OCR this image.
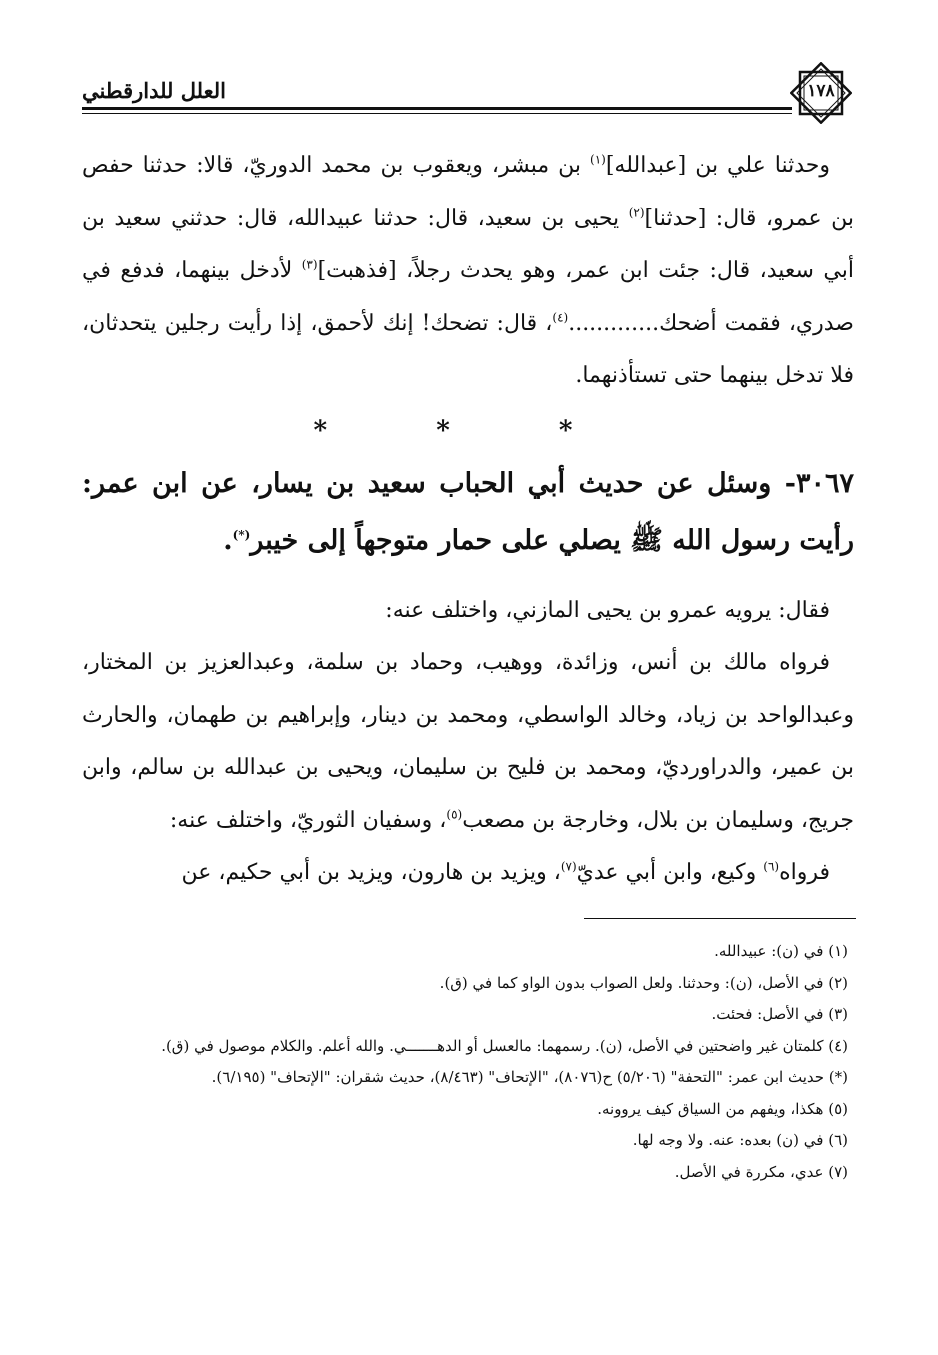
العلل للدارقطني	١٧٨

وحدثنا علي بن [عبدالله]$^{(١)}$ بن مبشر، ويعقوب بن محمد الدوريّ، قالا: حدثنا حفص بن عمرو، قال: [حدثنا]$^{(٢)}$ يحيى بن سعيد، قال: حدثنا عبيدالله، قال: حدثني سعيد بن أبي سعيد، قال: جئت ابن عمر، وهو يحدث رجلاً، [فذهبت]$^{(٣)}$ لأدخل بينهما، فدفع في صدري، فقمت أضحك.............$^{(٤)}$، قال: تضحك! إنك لأحمق، إذا رأيت رجلين يتحدثان، فلا تدخل بينهما حتى تستأذنهما.

* * *

٣٠٦٧- وسئل عن حديث أبي الحباب سعيد بن يسار، عن ابن عمر: رأيت رسول الله ﷺ يصلي على حمار متوجهاً إلى خيبر(*).

فقال: يرويه عمرو بن يحيى المازني، واختلف عنه:

فرواه مالك بن أنس، وزائدة، ووهيب، وحماد بن سلمة، وعبدالعزيز بن المختار، وعبدالواحد بن زياد، وخالد الواسطي، ومحمد بن دينار، وإبراهيم بن طهمان، والحارث بن عمير، والدراورديّ، ومحمد بن فليح بن سليمان، ويحيى بن عبدالله بن سالم، وابن جريج، وسليمان بن بلال، وخارجة بن مصعب$^{(٥)}$، وسفيان الثوريّ، واختلف عنه:

فرواه$^{(٦)}$ وكيع، وابن أبي عديّ$^{(٧)}$، ويزيد بن هارون، ويزيد بن أبي حكيم، عن

(١) في (ن): عبيدالله.

(٢) في الأصل، (ن): وحدثنا. ولعل الصواب بدون الواو كما في (ق).

(٣) في الأصل: فحئت.

(٤) كلمتان غير واضحتين في الأصل، (ن). رسمهما: مالعسل أو الدهـــــــي. والله أعلم. والكلام موصول في (ق).

(*) حديث ابن عمر: "التحفة" (٥/٢٠٦) ح(٨٠٧٦)، "الإتحاف" (٨/٤٦٣)، حديث شقران: "الإتحاف" (٦/١٩٥).

(٥) هكذا، ويفهم من السياق كيف يروونه.

(٦) في (ن) بعده: عنه. ولا وجه لها.

(٧) عدي، مكررة في الأصل.
